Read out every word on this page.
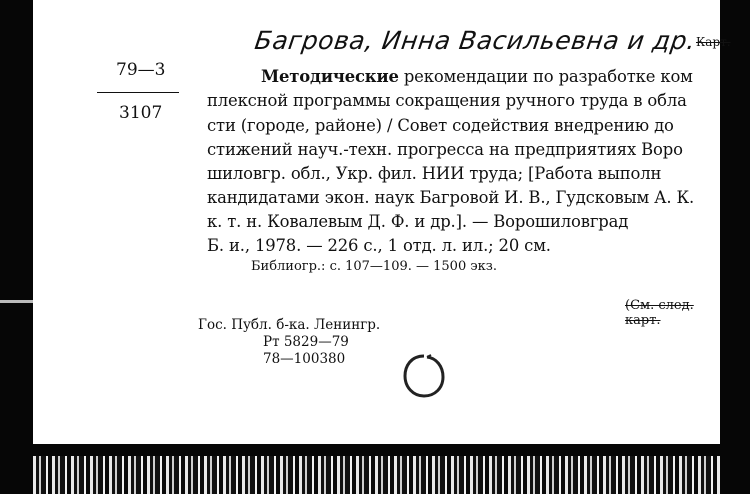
Багрова, Инна Васильевна и др.
Карт.
79—3
3107
Методические рекомендации по разработке ком
плексной программы сокращения ручного труда в обла
сти (городе, районе) / Совет содействия внедрению до
стижений науч.-техн. прогресса на предприятиях Воро
шиловгр. обл., Укр. фил. НИИ труда; [Работа выполн
кандидатами экон. наук Багровой И. В., Гудсковым А. К.
к. т. н. Ковалевым Д. Ф. и др.]. — Ворошиловград
Б. и., 1978. — 226 с., 1 отд. л. ил.; 20 см.
Библиогр.: с. 107—109. — 1500 экз.
(См. след. карт.
Гос. Публ. б-ка. Ленингр.
Рт 5829—79
78—100380
